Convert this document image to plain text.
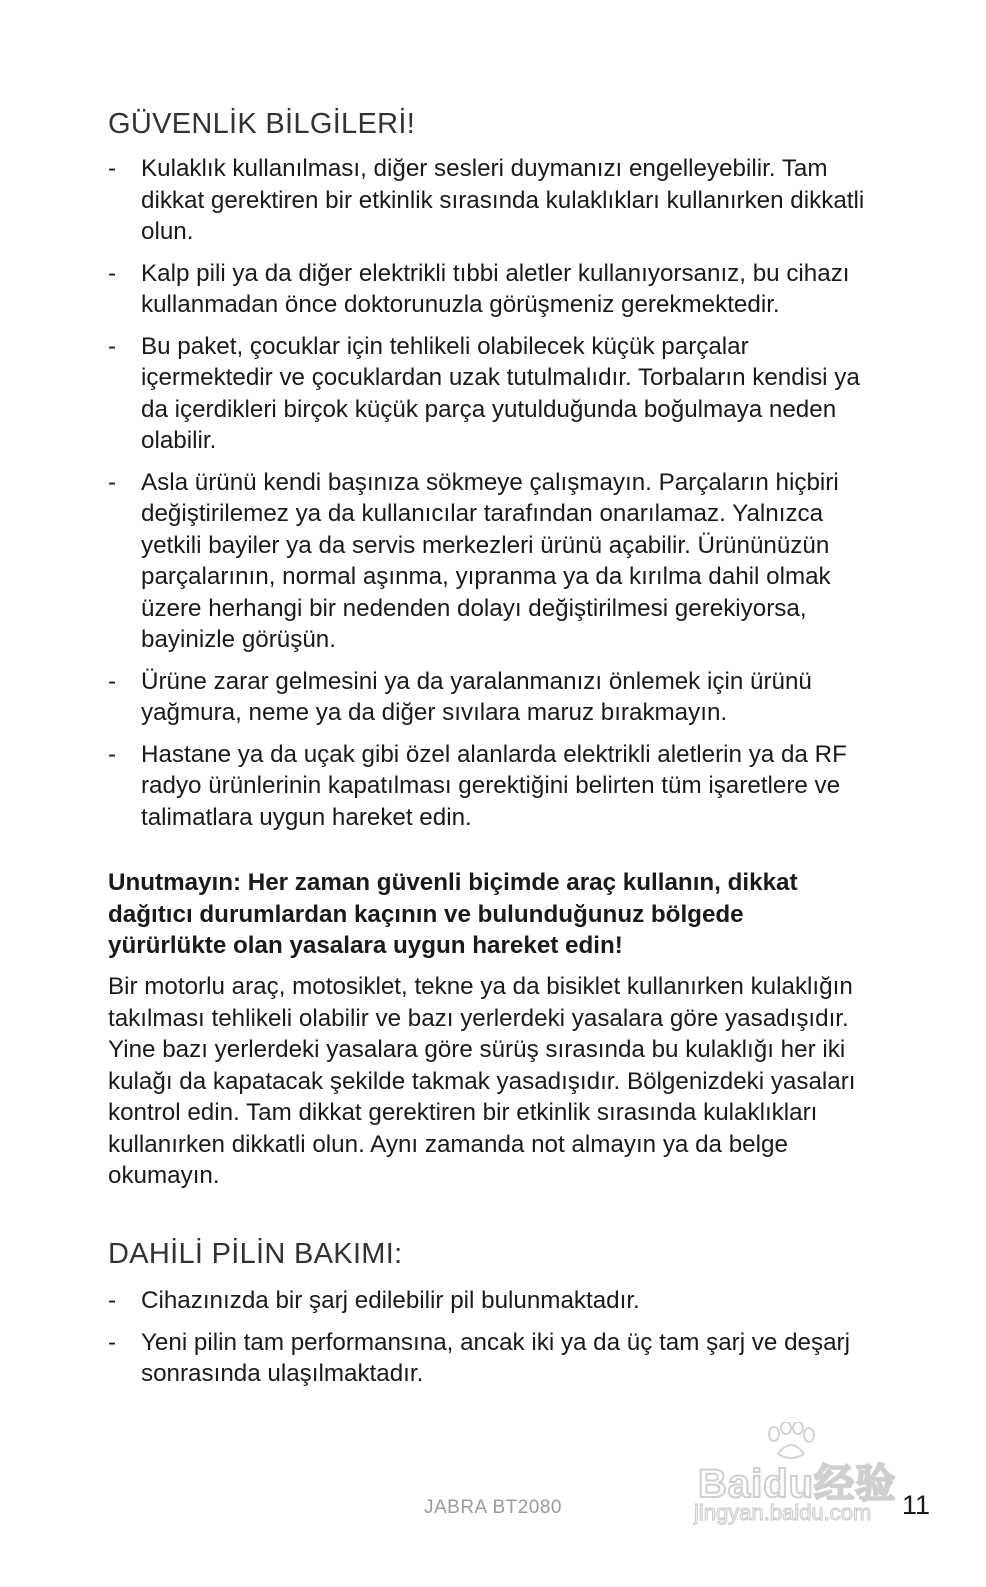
GÜVENLİK BİLGİLERİ!
- Kulaklık kullanılması, diğer sesleri duymanızı engelleyebilir. Tam dikkat gerektiren bir etkinlik sırasında kulaklıkları kullanırken dikkatli olun.
- Kalp pili ya da diğer elektrikli tıbbi aletler kullanıyorsanız, bu cihazı kullanmadan önce doktorunuzla görüşmeniz gerekmektedir.
- Bu paket, çocuklar için tehlikeli olabilecek küçük parçalar içermektedir ve çocuklardan uzak tutulmalıdır. Torbaların kendisi ya da içerdikleri birçok küçük parça yutulduğunda boğulmaya neden olabilir.
- Asla ürünü kendi başınıza sökmeye çalışmayın. Parçaların hiçbiri değiştirilemez ya da kullanıcılar tarafından onarılamaz. Yalnızca yetkili bayiler ya da servis merkezleri ürünü açabilir. Ürününüzün parçalarının, normal aşınma, yıpranma ya da kırılma dahil olmak üzere herhangi bir nedenden dolayı değiştirilmesi gerekiyorsa, bayinizle görüşün.
- Ürüne zarar gelmesini ya da yaralanmanızı önlemek için ürünü yağmura, neme ya da diğer sıvılara maruz bırakmayın.
- Hastane ya da uçak gibi özel alanlarda elektrikli aletlerin ya da RF radyo ürünlerinin kapatılması gerektiğini belirten tüm işaretlere ve talimatlara uygun hareket edin.

Unutmayın: Her zaman güvenli biçimde araç kullanın, dikkat dağıtıcı durumlardan kaçının ve bulunduğunuz bölgede yürürlükte olan yasalara uygun hareket edin!

Bir motorlu araç, motosiklet, tekne ya da bisiklet kullanırken kulaklığın takılması tehlikeli olabilir ve bazı yerlerdeki yasalara göre yasadışıdır. Yine bazı yerlerdeki yasalara göre sürüş sırasında bu kulaklığı her iki kulağı da kapatacak şekilde takmak yasadışıdır. Bölgenizdeki yasaları kontrol edin. Tam dikkat gerektiren bir etkinlik sırasında kulaklıkları kullanırken dikkatli olun. Aynı zamanda not almayın ya da belge okumayın.

DAHİLİ PİLİN BAKIMI:
- Cihazınızda bir şarj edilebilir pil bulunmaktadır.
- Yeni pilin tam performansına, ancak iki ya da üç tam şarj ve deşarj sonrasında ulaşılmaktadır.
Baidu经验
jingyan.baidu.com
JABRA BT2080	11
